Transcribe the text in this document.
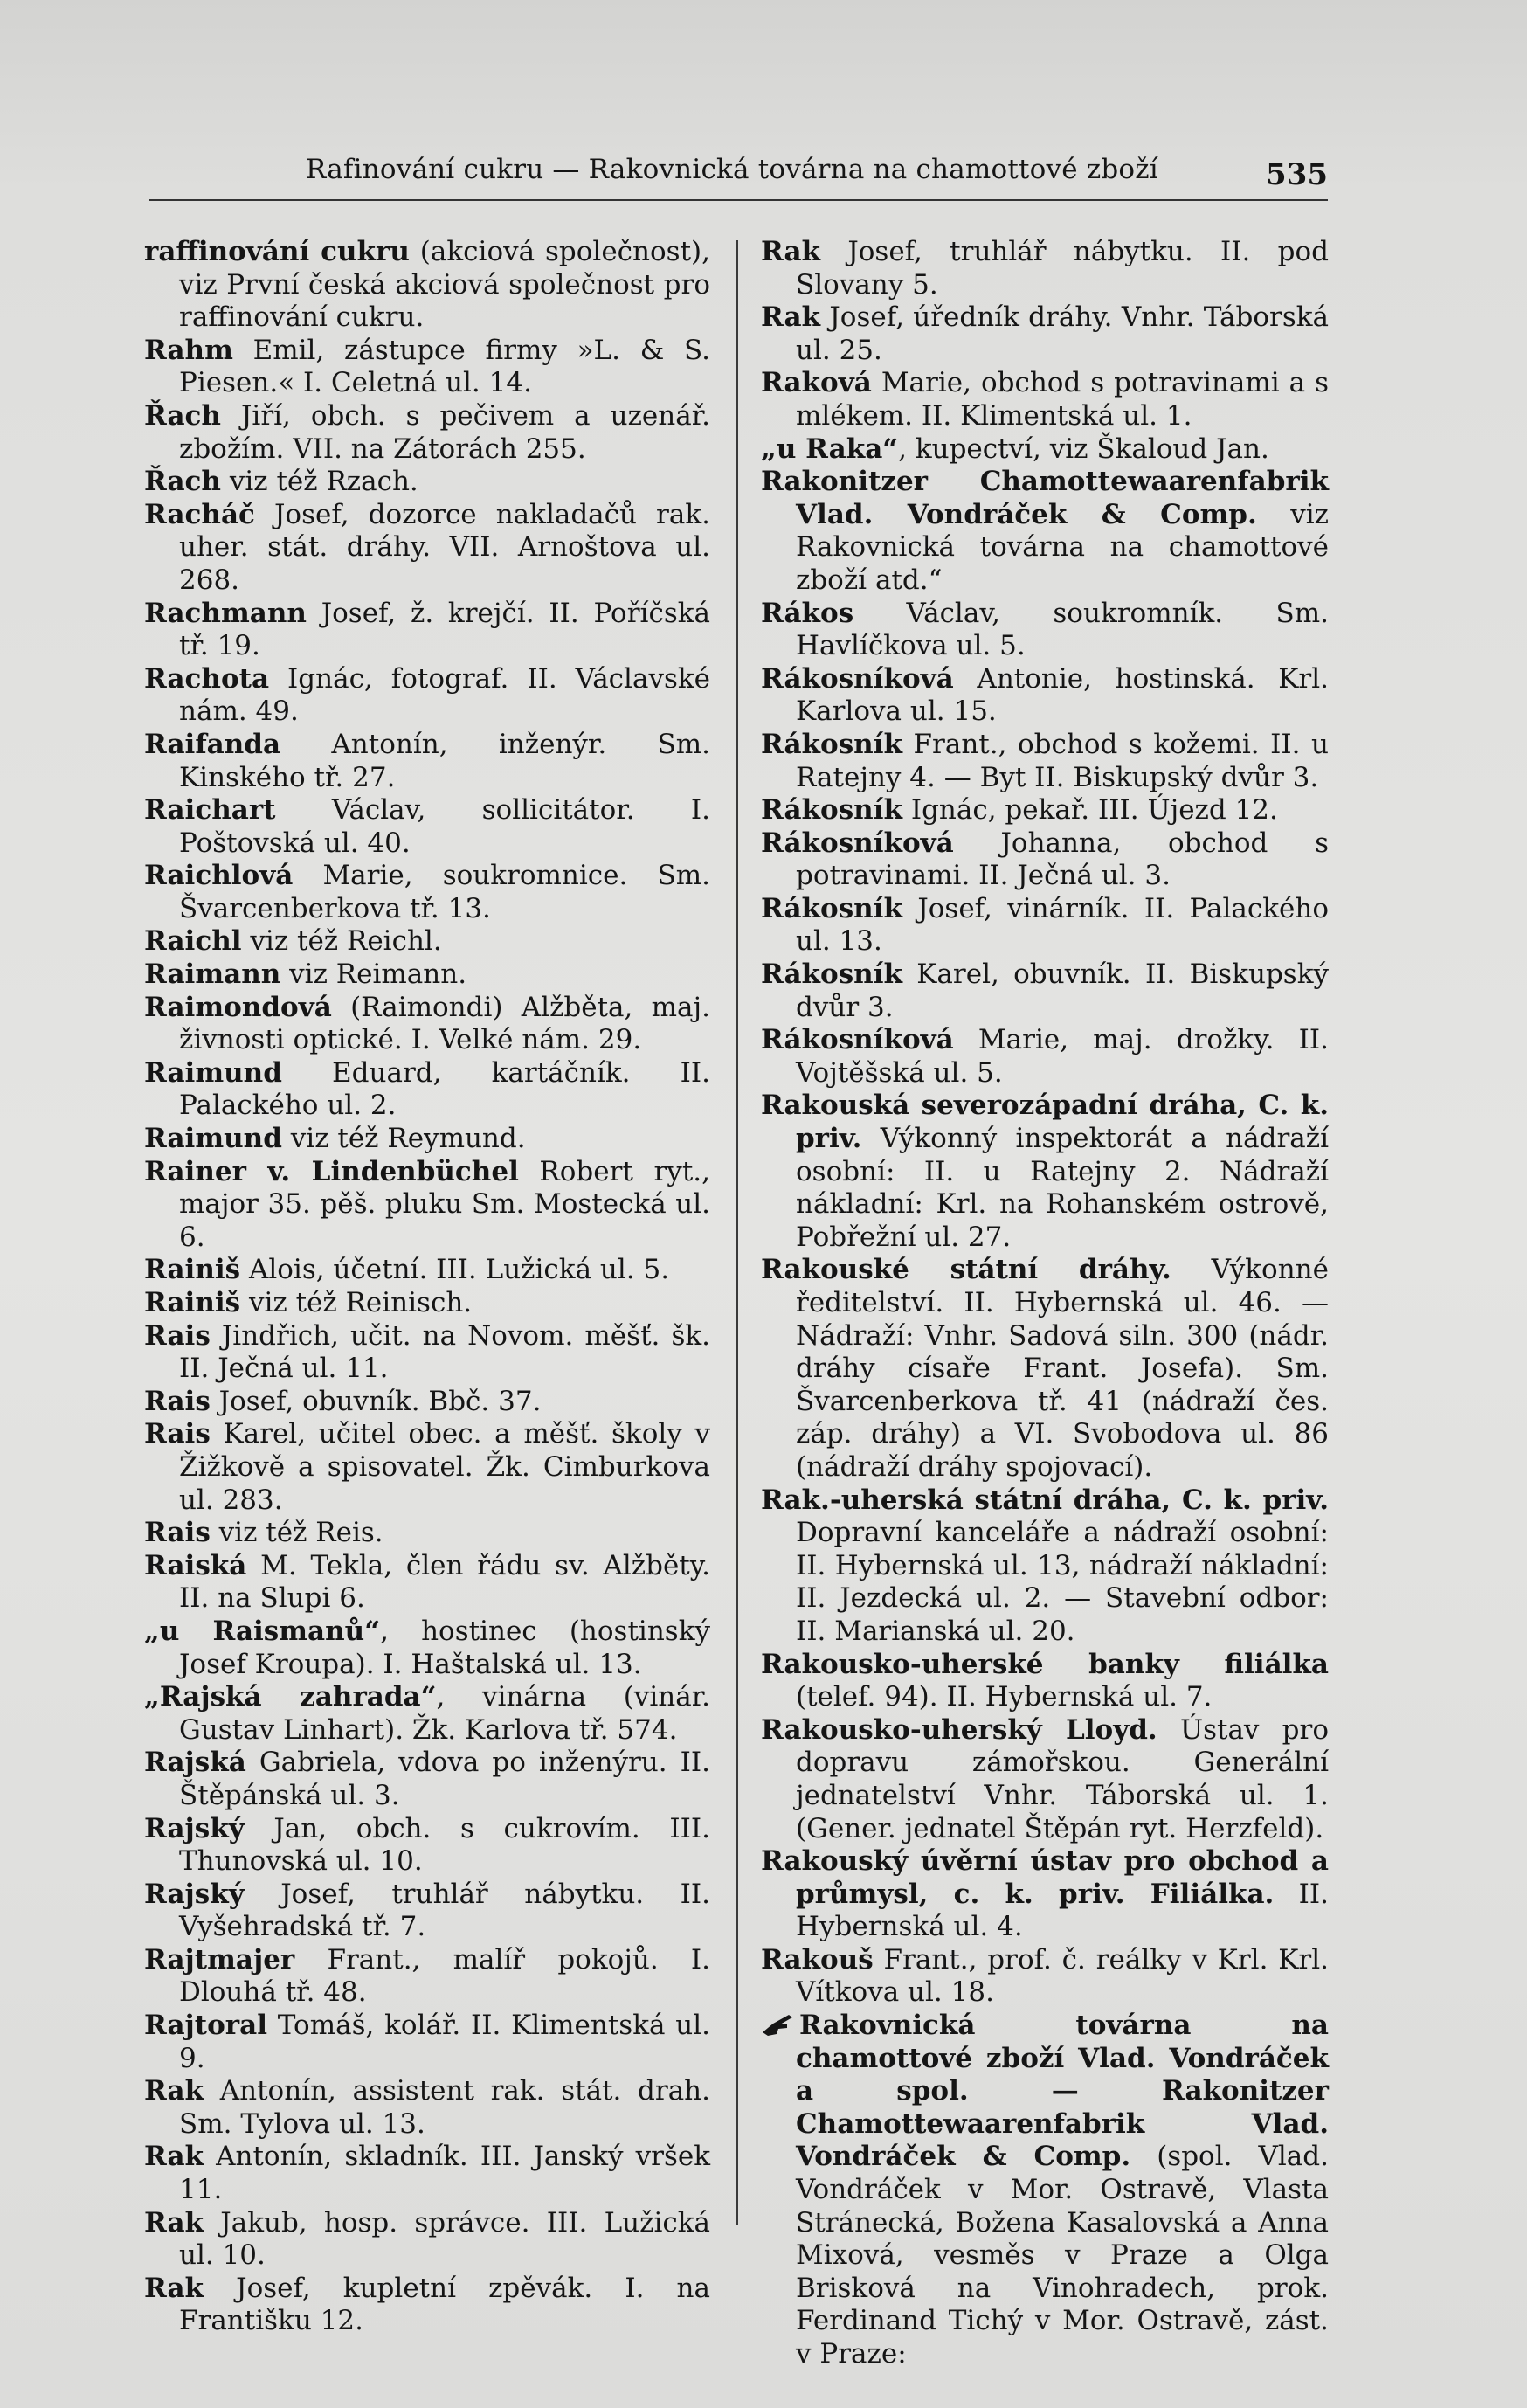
Rafinování cukru — Rakovnická továrna na chamottové zboží	535
raffinování cukru (akciová společnost), viz První česká akciová společnost pro raffinování cukru.
Rahm Emil, zástupce firmy »L. & S. Piesen.« I. Celetná ul. 14.
Řach Jiří, obch. s pečivem a uzenář. zbožím. VII. na Zátorách 255.
Řach viz též Rzach.
Racháč Josef, dozorce nakladačů rak. uher. stát. dráhy. VII. Arnoštova ul. 268.
Rachmann Josef, ž. krejčí. II. Poříčská tř. 19.
Rachota Ignác, fotograf. II. Václavské nám. 49.
Raifanda Antonín, inženýr. Sm. Kinského tř. 27.
Raichart Václav, sollicitátor. I. Poštovská ul. 40.
Raichlová Marie, soukromnice. Sm. Švarcenberkova tř. 13.
Raichl viz též Reichl.
Raimann viz Reimann.
Raimondová (Raimondi) Alžběta, maj. živnosti optické. I. Velké nám. 29.
Raimund Eduard, kartáčník. II. Palackého ul. 2.
Raimund viz též Reymund.
Rainer v. Lindenbüchel Robert ryt., major 35. pěš. pluku Sm. Mostecká ul. 6.
Rainiš Alois, účetní. III. Lužická ul. 5.
Rainiš viz též Reinisch.
Rais Jindřich, učit. na Novom. měšť. šk. II. Ječná ul. 11.
Rais Josef, obuvník. Bbč. 37.
Rais Karel, učitel obec. a měšť. školy v Žižkově a spisovatel. Žk. Cimburkova ul. 283.
Rais viz též Reis.
Raiská M. Tekla, člen řádu sv. Alžběty. II. na Slupi 6.
„u Raismanů“, hostinec (hostinský Josef Kroupa). I. Haštalská ul. 13.
„Rajská zahrada“, vinárna (vinár. Gustav Linhart). Žk. Karlova tř. 574.
Rajská Gabriela, vdova po inženýru. II. Štěpánská ul. 3.
Rajský Jan, obch. s cukrovím. III. Thunovská ul. 10.
Rajský Josef, truhlář nábytku. II. Vyšehradská tř. 7.
Rajtmajer Frant., malíř pokojů. I. Dlouhá tř. 48.
Rajtoral Tomáš, kolář. II. Klimentská ul. 9.
Rak Antonín, assistent rak. stát. drah. Sm. Tylova ul. 13.
Rak Antonín, skladník. III. Janský vršek 11.
Rak Jakub, hosp. správce. III. Lužická ul. 10.
Rak Josef, kupletní zpěvák. I. na Františku 12.
Rak Josef, truhlář nábytku. II. pod Slovany 5.
Rak Josef, úředník dráhy. Vnhr. Táborská ul. 25.
Raková Marie, obchod s potravinami a s mlékem. II. Klimentská ul. 1.
„u Raka“, kupectví, viz Škaloud Jan.
Rakonitzer Chamottewaarenfabrik Vlad. Vondráček & Comp. viz Rakovnická továrna na chamottové zboží atd.“
Rákos Václav, soukromník. Sm. Havlíčkova ul. 5.
Rákosníková Antonie, hostinská. Krl. Karlova ul. 15.
Rákosník Frant., obchod s kožemi. II. u Ratejny 4. — Byt II. Biskupský dvůr 3.
Rákosník Ignác, pekař. III. Újezd 12.
Rákosníková Johanna, obchod s potravinami. II. Ječná ul. 3.
Rákosník Josef, vinárník. II. Palackého ul. 13.
Rákosník Karel, obuvník. II. Biskupský dvůr 3.
Rákosníková Marie, maj. drožky. II. Vojtěšská ul. 5.
Rakouská severozápadní dráha, C. k. priv. Výkonný inspektorát a nádraží osobní: II. u Ratejny 2. Nádraží nákladní: Krl. na Rohanském ostrově, Pobřežní ul. 27.
Rakouské státní dráhy. Výkonné ředitelství. II. Hybernská ul. 46. — Nádraží: Vnhr. Sadová siln. 300 (nádr. dráhy císaře Frant. Josefa). Sm. Švarcenberkova tř. 41 (nádraží čes. záp. dráhy) a VI. Svobodova ul. 86 (nádraží dráhy spojovací).
Rak.-uherská státní dráha, C. k. priv. Dopravní kanceláře a nádraží osobní: II. Hybernská ul. 13, nádraží nákladní: II. Jezdecká ul. 2. — Stavební odbor: II. Marianská ul. 20.
Rakousko-uherské banky filiálka (telef. 94). II. Hybernská ul. 7.
Rakousko-uherský Lloyd. Ústav pro dopravu zámořskou. Generální jednatelství Vnhr. Táborská ul. 1. (Gener. jednatel Štěpán ryt. Herzfeld).
Rakouský úvěrní ústav pro obchod a průmysl, c. k. priv. Filiálka. II. Hybernská ul. 4.
Rakouš Frant., prof. č. reálky v Krl. Krl. Vítkova ul. 18.
Rakovnická továrna na chamottové zboží Vlad. Vondráček a spol. — Rakonitzer Chamottewaarenfabrik Vlad. Vondráček & Comp. (spol. Vlad. Vondráček v Mor. Ostravě, Vlasta Stránecká, Božena Kasalovská a Anna Mixová, vesměs v Praze a Olga Brisková na Vinohradech, prok. Ferdinand Tichý v Mor. Ostravě, zást. v Praze:
